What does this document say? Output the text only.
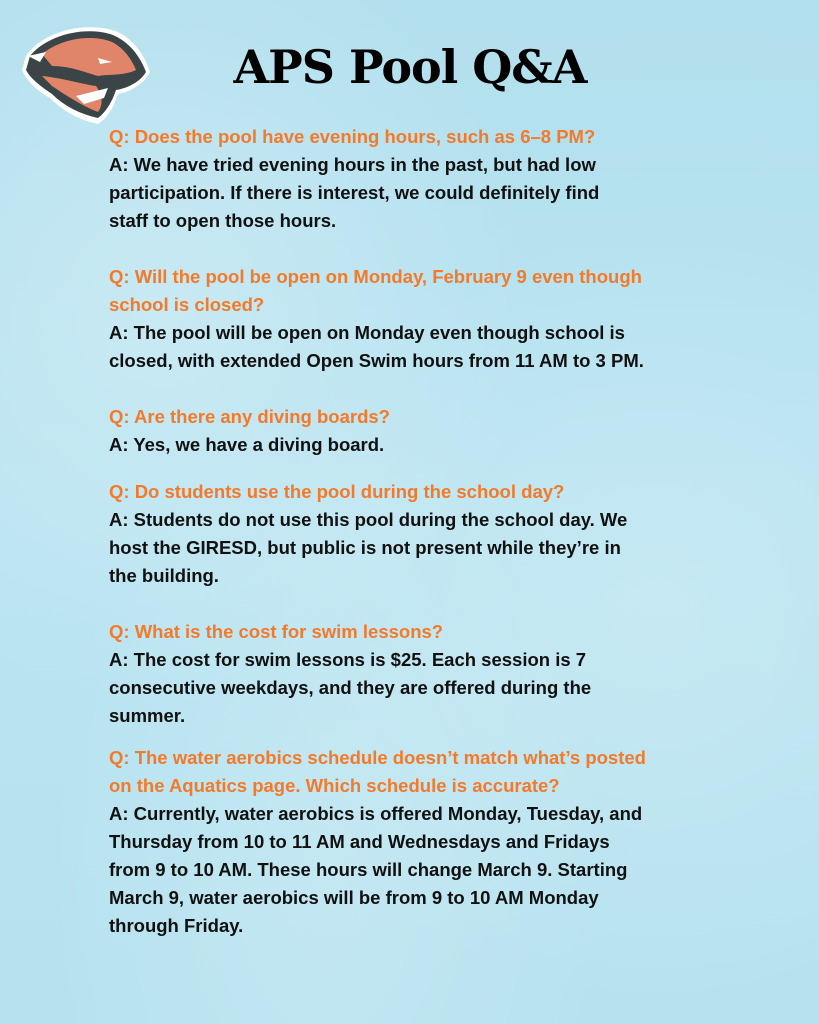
APS Pool Q&A
Q: Does the pool have evening hours, such as 6–8 PM?
A: We have tried evening hours in the past, but had low
participation. If there is interest, we could definitely find
staff to open those hours.
Q: Will the pool be open on Monday, February 9 even though
school is closed?
A: The pool will be open on Monday even though school is
closed, with extended Open Swim hours from 11 AM to 3 PM.
Q: Are there any diving boards?
A: Yes, we have a diving board.
Q: Do students use the pool during the school day?
A: Students do not use this pool during the school day. We
host the GIRESD, but public is not present while they’re in
the building.
Q: What is the cost for swim lessons?
A: The cost for swim lessons is $25. Each session is 7
consecutive weekdays, and they are offered during the
summer.
Q: The water aerobics schedule doesn’t match what’s posted
on the Aquatics page. Which schedule is accurate?
A: Currently, water aerobics is offered Monday, Tuesday, and
Thursday from 10 to 11 AM and Wednesdays and Fridays
from 9 to 10 AM. These hours will change March 9. Starting
March 9, water aerobics will be from 9 to 10 AM Monday
through Friday.
